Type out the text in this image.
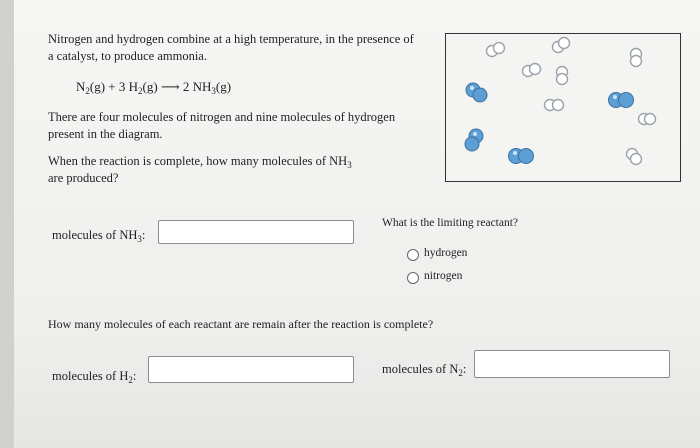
Nitrogen and hydrogen combine at a high temperature, in the presence of
a catalyst, to produce ammonia.
$N_2(g) + 3$ $H_2(g)$ ⟶ 2 $NH_3(g)$
There are four molecules of nitrogen and nine molecules of hydrogen
present in the diagram.
When the reaction is complete, how many molecules of $NH_3$
are produced?
molecules of $NH_3$:
What is the limiting reactant?
hydrogen
nitrogen
How many molecules of each reactant are remain after the reaction is complete?
molecules of $H_2$:	molecules of $N_2$:
